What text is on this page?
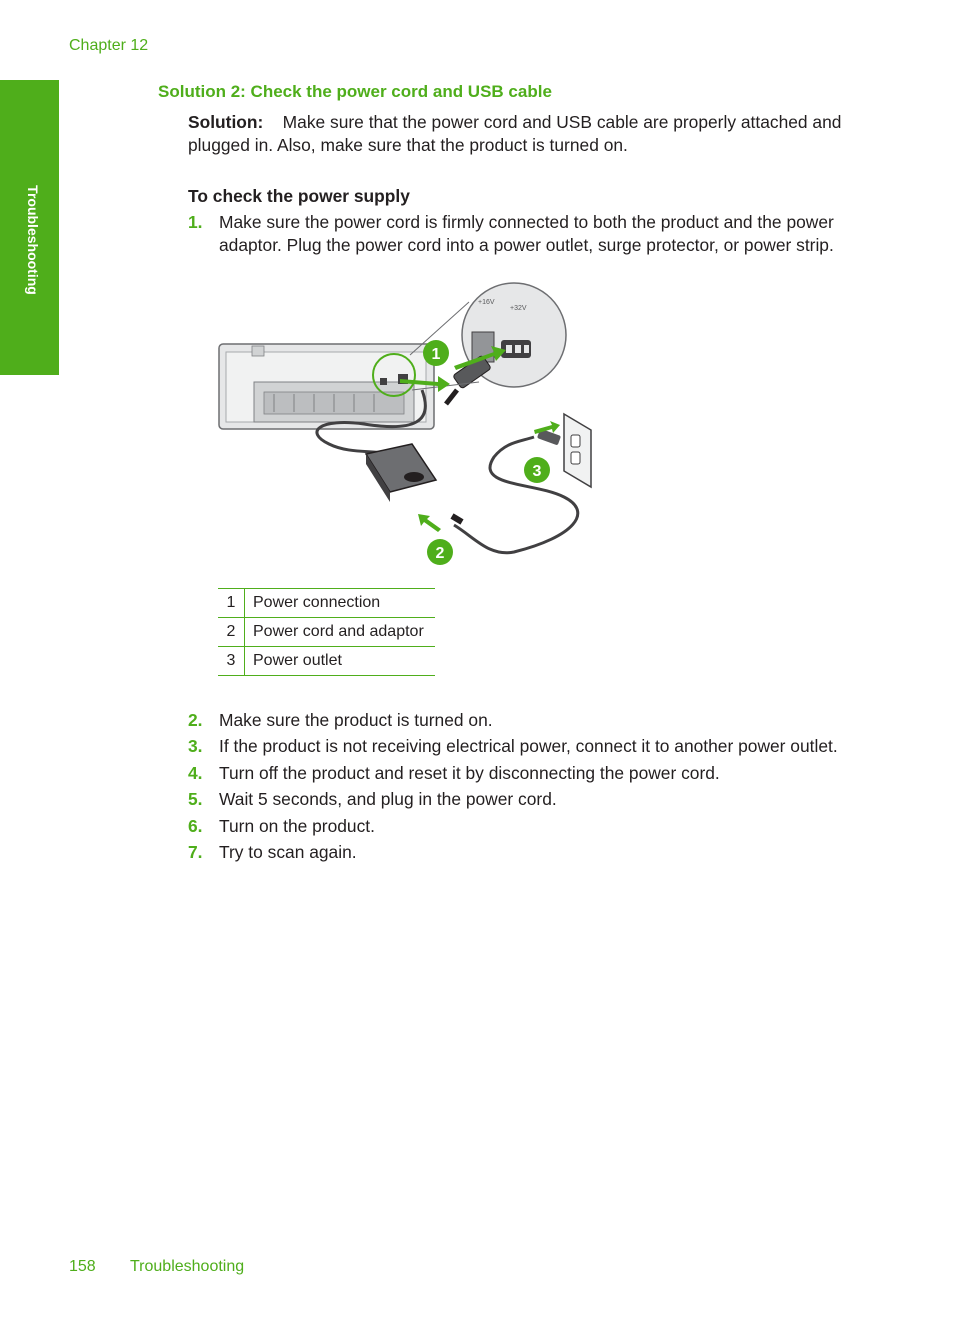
Chapter 12
Troubleshooting
Solution 2: Check the power cord and USB cable
Solution: Make sure that the power cord and USB cable are properly attached and
plugged in. Also, make sure that the product is turned on.
To check the power supply
1. Make sure the power cord is firmly connected to both the product and the power
adaptor. Plug the power cord into a power outlet, surge protector, or power strip.
+16V
+32V
1
2
3
1	Power connection
2	Power cord and adaptor
3	Power outlet
2. Make sure the product is turned on.
3. If the product is not receiving electrical power, connect it to another power outlet.
4. Turn off the product and reset it by disconnecting the power cord.
5. Wait 5 seconds, and plug in the power cord.
6. Turn on the product.
7. Try to scan again.
158 Troubleshooting
